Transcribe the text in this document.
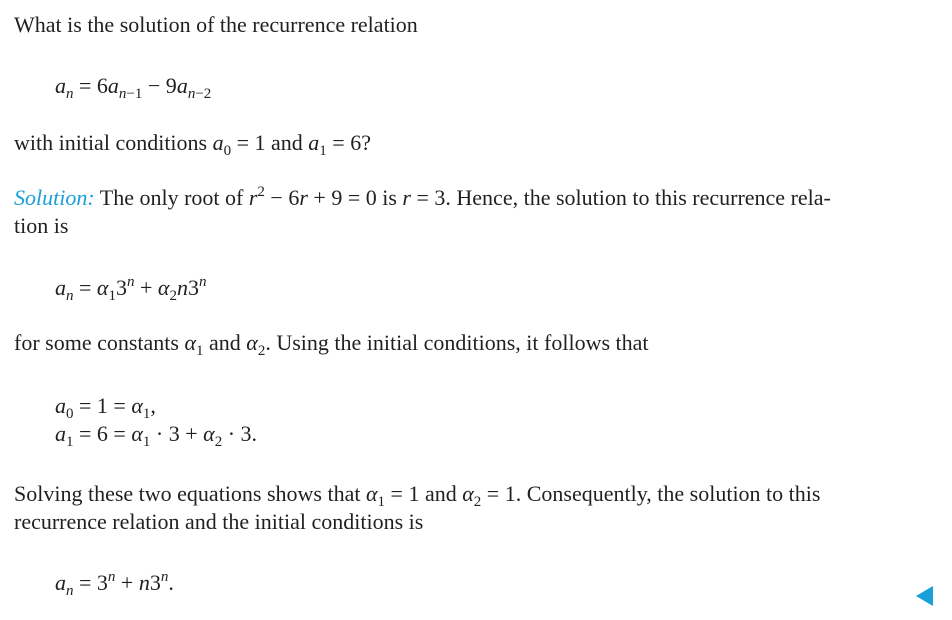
What is the solution of the recurrence relation
$a_n = 6a_{n-1} - 9a_{n-2}$
with initial conditions $a_0 = 1$ and $a_1 = 6$?
Solution: The only root of $r^2 - 6r + 9 = 0$ is r = 3. Hence, the solution to this recurrence rela-
tion is
$a_n = \alpha_13^n + \alpha_2n3^n$
for some constants $\alpha_1$ and $\alpha_2$. Using the initial conditions, it follows that
$a_0 = 1 = \alpha_1$,
$a_1 = 6 = \alpha_1 \cdot 3 + \alpha_2 \cdot 3$.
Solving these two equations shows that $\alpha_1 = 1$ and $\alpha_2 = 1$. Consequently, the solution to this
recurrence relation and the initial conditions is
$a_n = 3^n + n3^n$.
